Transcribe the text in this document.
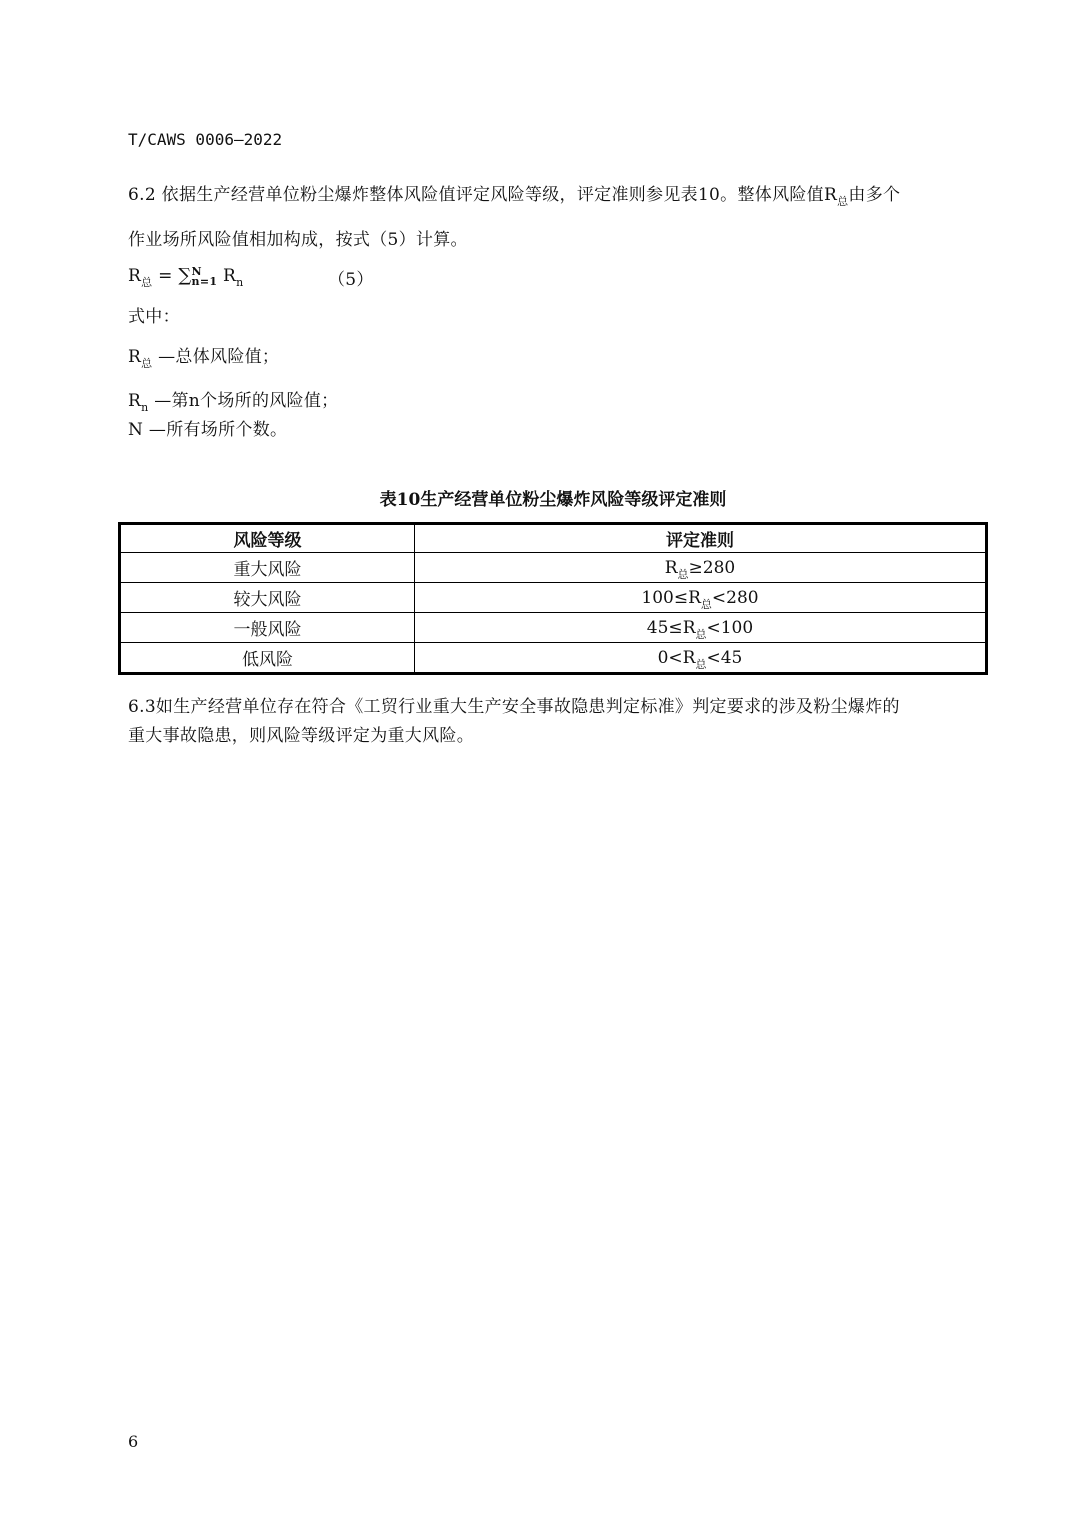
T/CAWS 0006—2022
6.2 依据生产经营单位粉尘爆炸整体风险值评定风险等级，评定准则参见表10。整体风险值$R_总$由多个
作业场所风险值相加构成，按式（5）计算。
$R_总$ = ∑ N
n=1 $R_n$	（5）
式中：
$R_总$ —总体风险值；
$R_n$ —第n个场所的风险值；
N —所有场所个数。
表10生产经营单位粉尘爆炸风险等级评定准则
风险等级	评定准则
重大风险	$R_总\ge 280$
较大风险	$100\le R_总<280$
一般风险	$45\le R_总<100$
低风险	$0<R_总<45$
6.3如生产经营单位存在符合《工贸行业重大生产安全事故隐患判定标准》判定要求的涉及粉尘爆炸的
重大事故隐患，则风险等级评定为重大风险。
6
